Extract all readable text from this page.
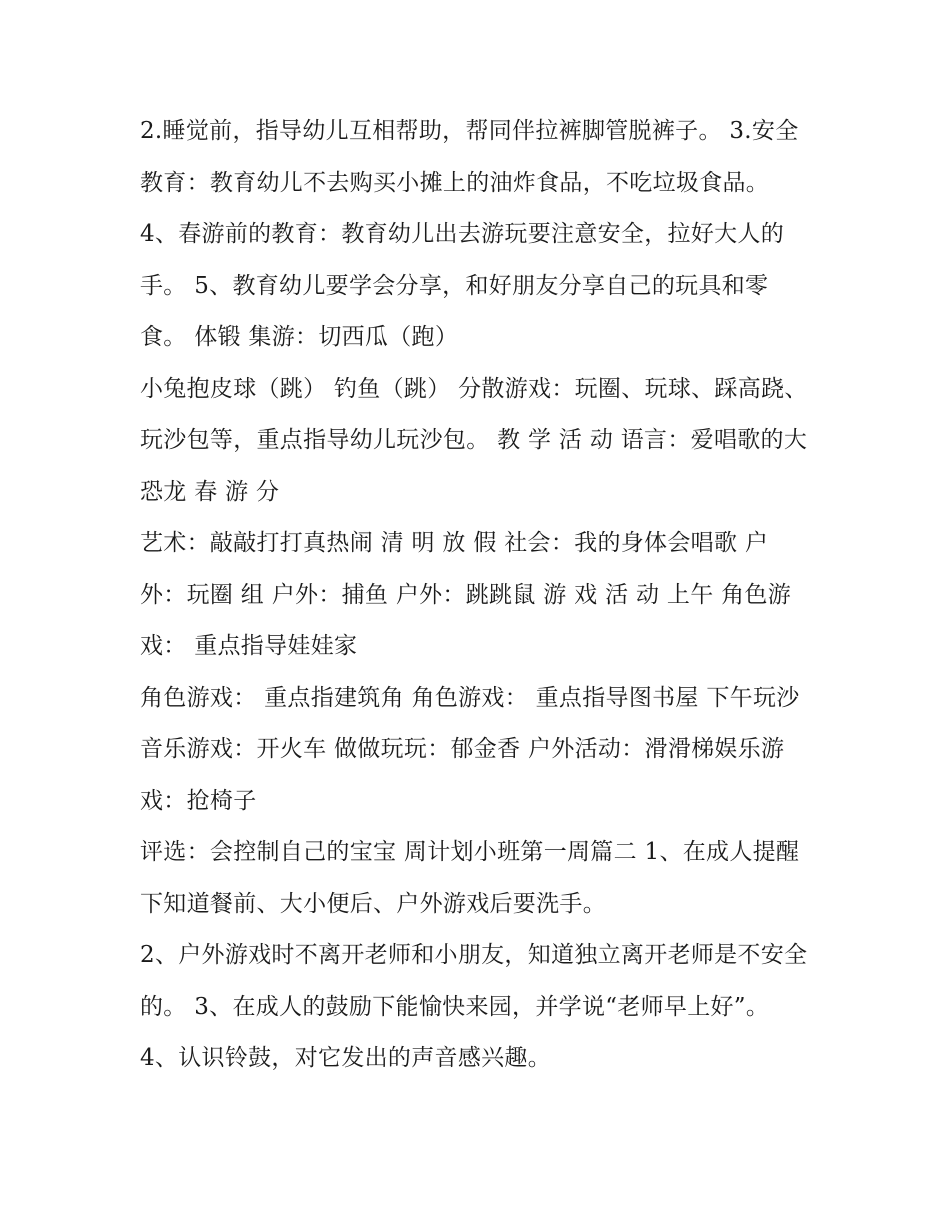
2.睡觉前，指导幼儿互相帮助，帮同伴拉裤脚管脱裤子。 3.安全教育：教育幼儿不去购买小摊上的油炸食品，不吃垃圾食品。

4、春游前的教育：教育幼儿出去游玩要注意安全，拉好大人的手。 5、教育幼儿要学会分享，和好朋友分享自己的玩具和零食。 体锻 集游：切西瓜（跑）

小兔抱皮球（跳） 钓鱼（跳） 分散游戏：玩圈、玩球、踩高跷、玩沙包等，重点指导幼儿玩沙包。 教 学 活 动 语言：爱唱歌的大恐龙 春 游 分

艺术：敲敲打打真热闹 清 明 放 假 社会：我的身体会唱歌 户外：玩圈 组 户外：捕鱼 户外：跳跳鼠 游 戏 活 动 上午 角色游戏： 重点指导娃娃家

角色游戏： 重点指建筑角 角色游戏： 重点指导图书屋 下午玩沙 音乐游戏：开火车 做做玩玩：郁金香 户外活动：滑滑梯娱乐游戏：抢椅子

评选：会控制自己的宝宝 周计划小班第一周篇二 1、在成人提醒下知道餐前、大小便后、户外游戏后要洗手。

2、户外游戏时不离开老师和小朋友，知道独立离开老师是不安全的。 3、在成人的鼓励下能愉快来园，并学说“老师早上好”。 4、认识铃鼓，对它发出的声音感兴趣。
